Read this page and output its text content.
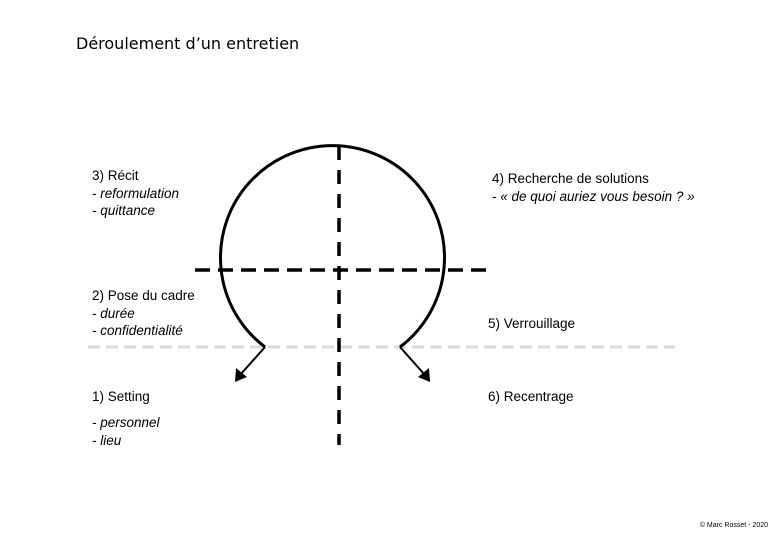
Déroulement d’un entretien
3) Récit
- reformulation
- quittance
4) Recherche de solutions
- « de quoi auriez vous besoin ? »
2) Pose du cadre
- durée
- confidentialité	5) Verrouillage
1) Setting
- personnel
- lieu
6) Recentrage
© Marc Rosset - 2020
